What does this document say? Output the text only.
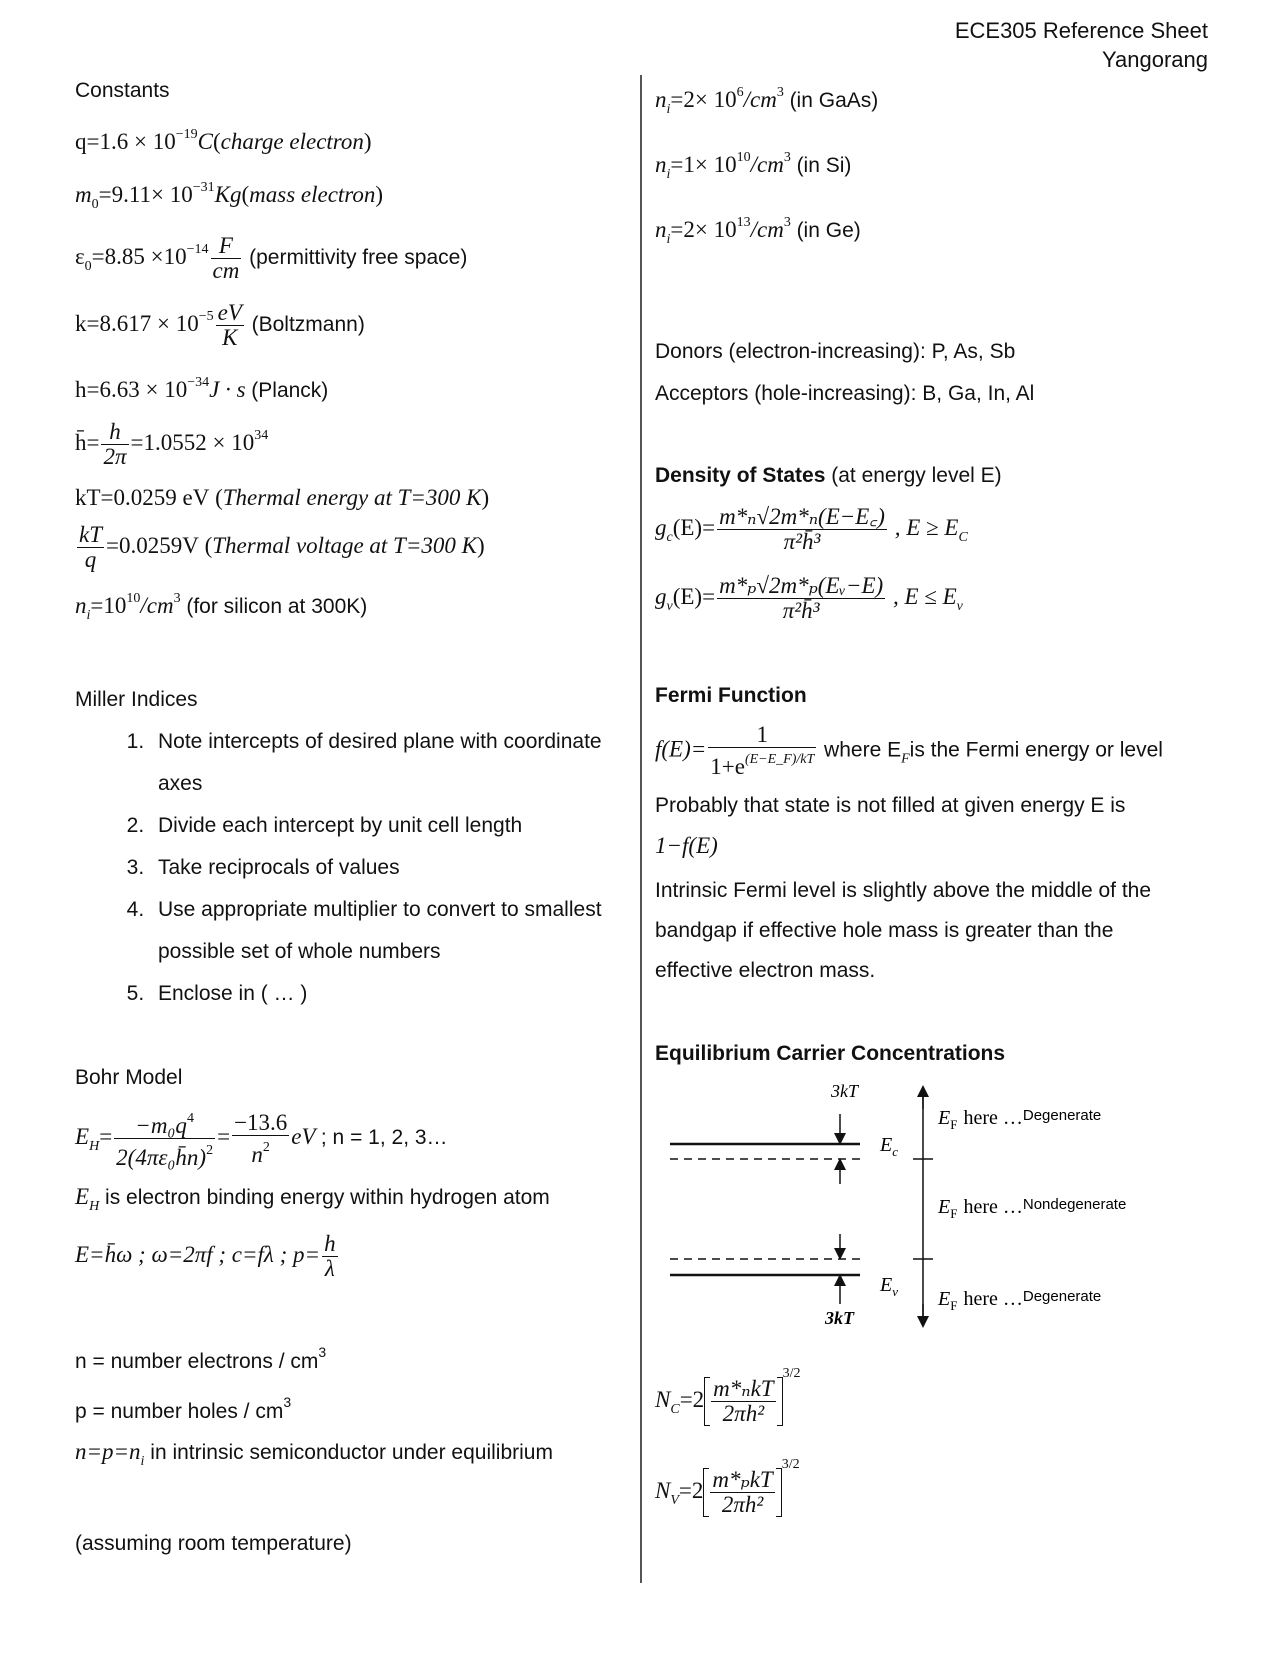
ECE305 Reference Sheet
Yangorang
Constants
$q=1.6 \times 10^{-19}C(charge$ electron)
$m_0=9.11\times$ $10^{-31}Kg(mass$ electron)
$\varepsilon_0=8.85 \times 10^{-14} \frac{F}{cm}$ (permittivity free space)
$k=8.617 \times 10^{-5} \frac{eV}{K}$ (Boltzmann)
$h=6.63 \times 10^{-34}J \cdot s$ (Planck)
h̄= $\frac{h}{2\pi} =1.0552 \times 10^{34}$
kT=0.0259 eV (Thermal energy at T=300 K)
$\frac{kT}{q} =0.0259V$ (Thermal voltage at T=300 K)
$n_i=10^{10}/cm^3$ (for silicon at 300K)
Miller Indices
1. Note intercepts of desired plane with coordinate axes
2. Divide each intercept by unit cell length
3. Take reciprocals of values
4. Use appropriate multiplier to convert to smallest possible set of whole numbers
5. Enclose in ( … )
Bohr Model
$E_H= \frac{-m_0q^4}{2(4\pi\varepsilon_0h̄n)^2} = \frac{-13.6}{n^2}$ eV ; n = 1, 2, 3…
$E_H$ is electron binding energy within hydrogen atom
E=h̄ω ; ω=2πf ; c=fλ ; $p= \frac{h}{\lambda}$
n = number electrons / $cm^3$
p = number holes / $cm^3$
$n=p=n_i$ in intrinsic semiconductor under equilibrium
(assuming room temperature)
$n_i=2\times 10^6/cm^3$ (in GaAs)
$n_i=1\times 10^{10}/cm^3$ (in Si)
$n_i=2\times 10^{13}/cm^3$ (in Ge)
Donors (electron-increasing): P, As, Sb
Acceptors (hole-increasing): B, Ga, In, Al
Density of States (at energy level E)
$g_c(E)= \frac{\text{m*ₙ√2m*ₙ(E−E꜀)}}{\text{π²h̄³}}$ , $E \ge E_C$
$g_v(E)= \frac{\text{m*ₚ√2m*ₚ(Eᵥ−E)}}{\text{π²h̄³}}$ , $E \le E_v$
Fermi Function
$f(E)= \frac{1}{1+e^{(E-E\_F)/kT}}$ where $E_Fis$ the Fermi energy or level
Probably that state is not filled at given energy E is
1−f(E)
Intrinsic Fermi level is slightly above the middle of the bandgap if effective hole mass is greater than the effective electron mass.
Equilibrium Carrier Concentrations
3kT
$E_c$
$E_v$
3kT
$E_F$ here …$^{Degenerate}$
$E_F$ here …$^{Nondegenerate}$
$E_F$ here …$^{Degenerate}$
$N_C=2 \frac{\text{m*ₙkT}}{\text{2πh²}}$
$^{3/2}$
$N_V=2 \frac{\text{m*ₚkT}}{\text{2πh²}}$
$^{3/2}$
